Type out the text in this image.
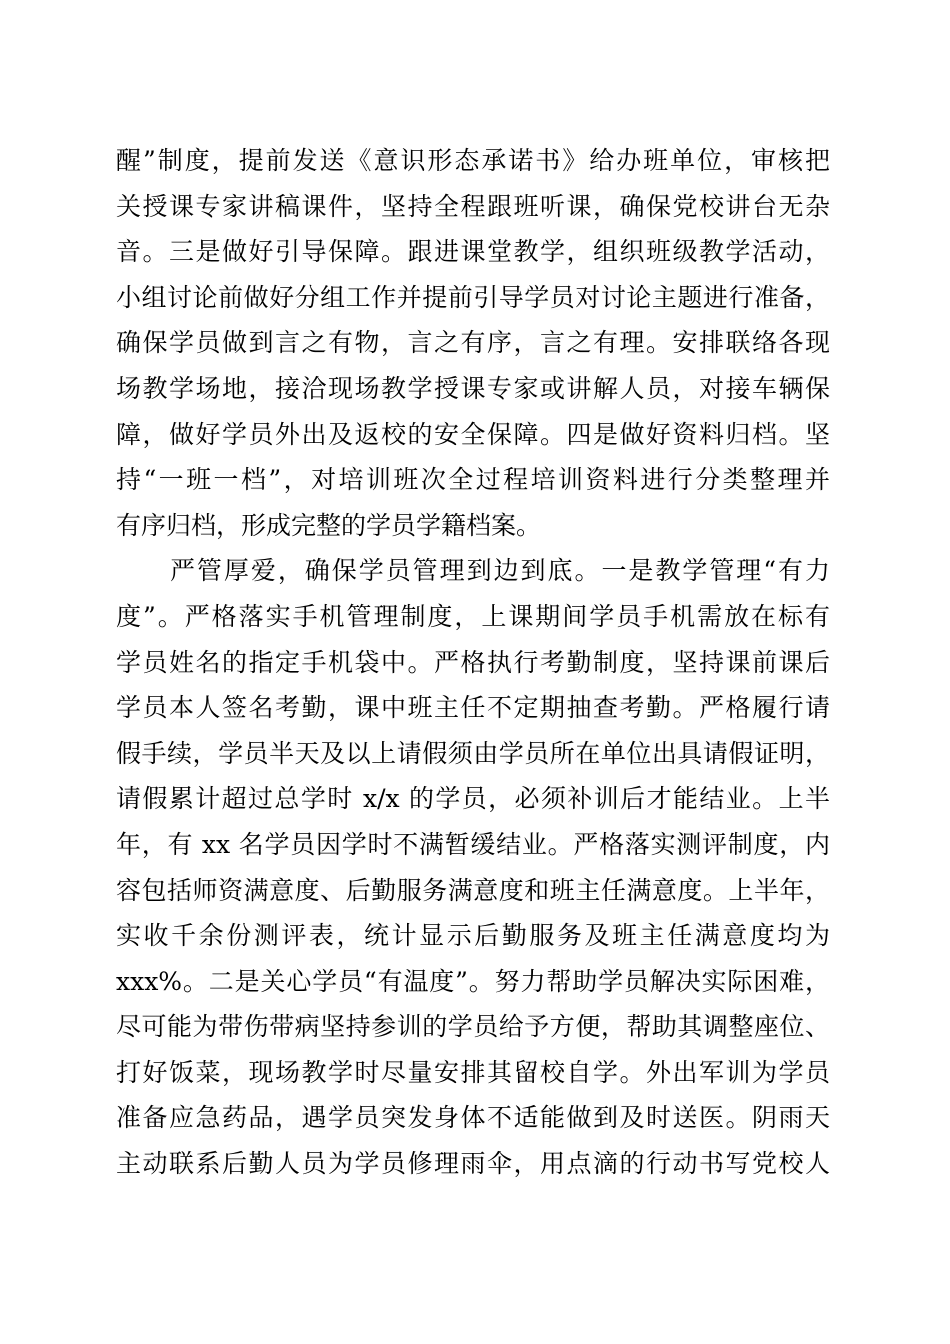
醒”制度，提前发送《意识形态承诺书》给办班单位，审核把
关授课专家讲稿课件，坚持全程跟班听课，确保党校讲台无杂
音。三是做好引导保障。跟进课堂教学，组织班级教学活动，
小组讨论前做好分组工作并提前引导学员对讨论主题进行准备，
确保学员做到言之有物，言之有序，言之有理。安排联络各现
场教学场地，接洽现场教学授课专家或讲解人员，对接车辆保
障，做好学员外出及返校的安全保障。四是做好资料归档。坚
持“一班一档”，对培训班次全过程培训资料进行分类整理并
有序归档，形成完整的学员学籍档案。
　　严管厚爱，确保学员管理到边到底。一是教学管理“有力
度”。严格落实手机管理制度，上课期间学员手机需放在标有
学员姓名的指定手机袋中。严格执行考勤制度，坚持课前课后
学员本人签名考勤，课中班主任不定期抽查考勤。严格履行请
假手续，学员半天及以上请假须由学员所在单位出具请假证明，
请假累计超过总学时 x/x 的学员，必须补训后才能结业。上半
年，有 xx 名学员因学时不满暂缓结业。严格落实测评制度，内
容包括师资满意度、后勤服务满意度和班主任满意度。上半年，
实收千余份测评表，统计显示后勤服务及班主任满意度均为
xxx%。二是关心学员“有温度”。努力帮助学员解决实际困难，
尽可能为带伤带病坚持参训的学员给予方便，帮助其调整座位、
打好饭菜，现场教学时尽量安排其留校自学。外出军训为学员
准备应急药品，遇学员突发身体不适能做到及时送医。阴雨天
主动联系后勤人员为学员修理雨伞，用点滴的行动书写党校人
